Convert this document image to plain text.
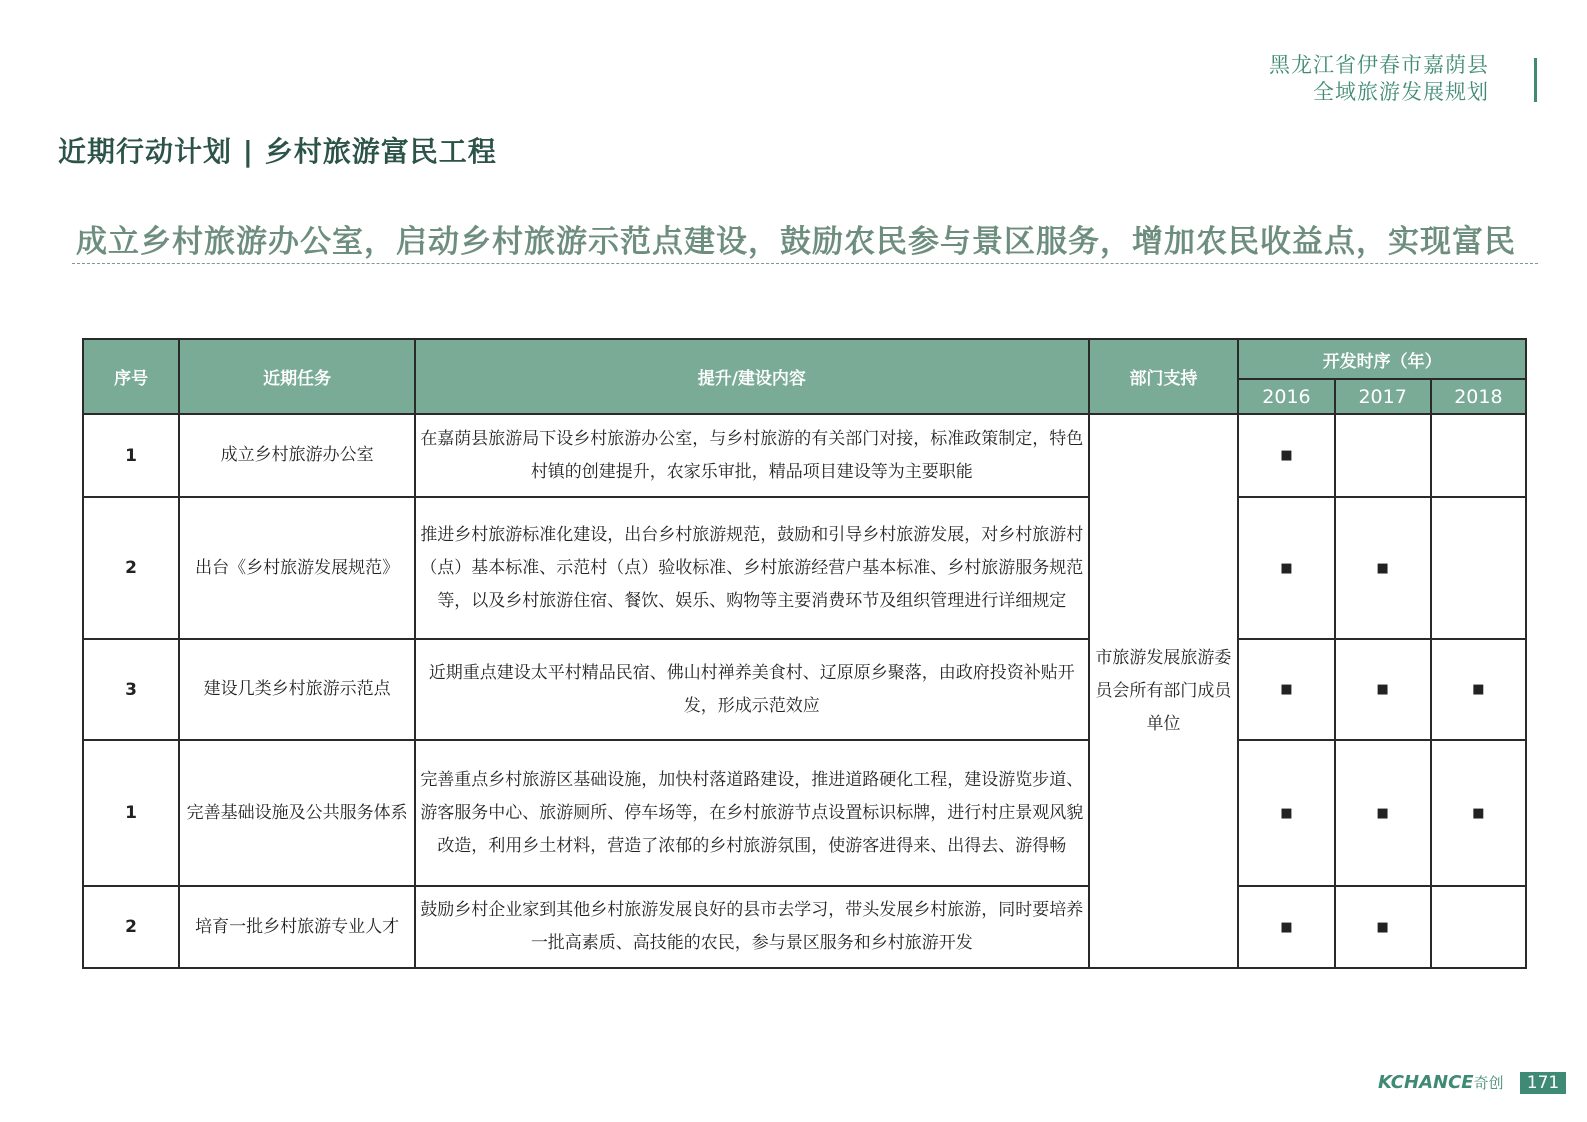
黑龙江省伊春市嘉荫县
全域旅游发展规划
近期行动计划 | 乡村旅游富民工程
成立乡村旅游办公室，启动乡村旅游示范点建设，鼓励农民参与景区服务，增加农民收益点，实现富民
序号	近期任务	提升/建设内容	部门支持	开发时序（年）		
				2016	2017	2018
1	成立乡村旅游办公室	在嘉荫县旅游局下设乡村旅游办公室，与乡村旅游的有关部门对接，标准政策制定，特色村镇的创建提升，农家乐审批，精品项目建设等为主要职能	市旅游发展旅游委员会所有部门成员单位	■		
2	出台《乡村旅游发展规范》	推进乡村旅游标准化建设，出台乡村旅游规范，鼓励和引导乡村旅游发展，对乡村旅游村（点）基本标准、示范村（点）验收标准、乡村旅游经营户基本标准、乡村旅游服务规范等，以及乡村旅游住宿、餐饮、娱乐、购物等主要消费环节及组织管理进行详细规定		■	■	
3	建设几类乡村旅游示范点	近期重点建设太平村精品民宿、佛山村禅养美食村、辽原原乡聚落，由政府投资补贴开发，形成示范效应		■	■	■
1	完善基础设施及公共服务体系	完善重点乡村旅游区基础设施，加快村落道路建设，推进道路硬化工程，建设游览步道、游客服务中心、旅游厕所、停车场等，在乡村旅游节点设置标识标牌，进行村庄景观风貌改造，利用乡土材料，营造了浓郁的乡村旅游氛围，使游客进得来、出得去、游得畅		■	■	■
2	培育一批乡村旅游专业人才	鼓励乡村企业家到其他乡村旅游发展良好的县市去学习，带头发展乡村旅游，同时要培养一批高素质、高技能的农民，参与景区服务和乡村旅游开发		■	■	
KCHANCE奇创	171
